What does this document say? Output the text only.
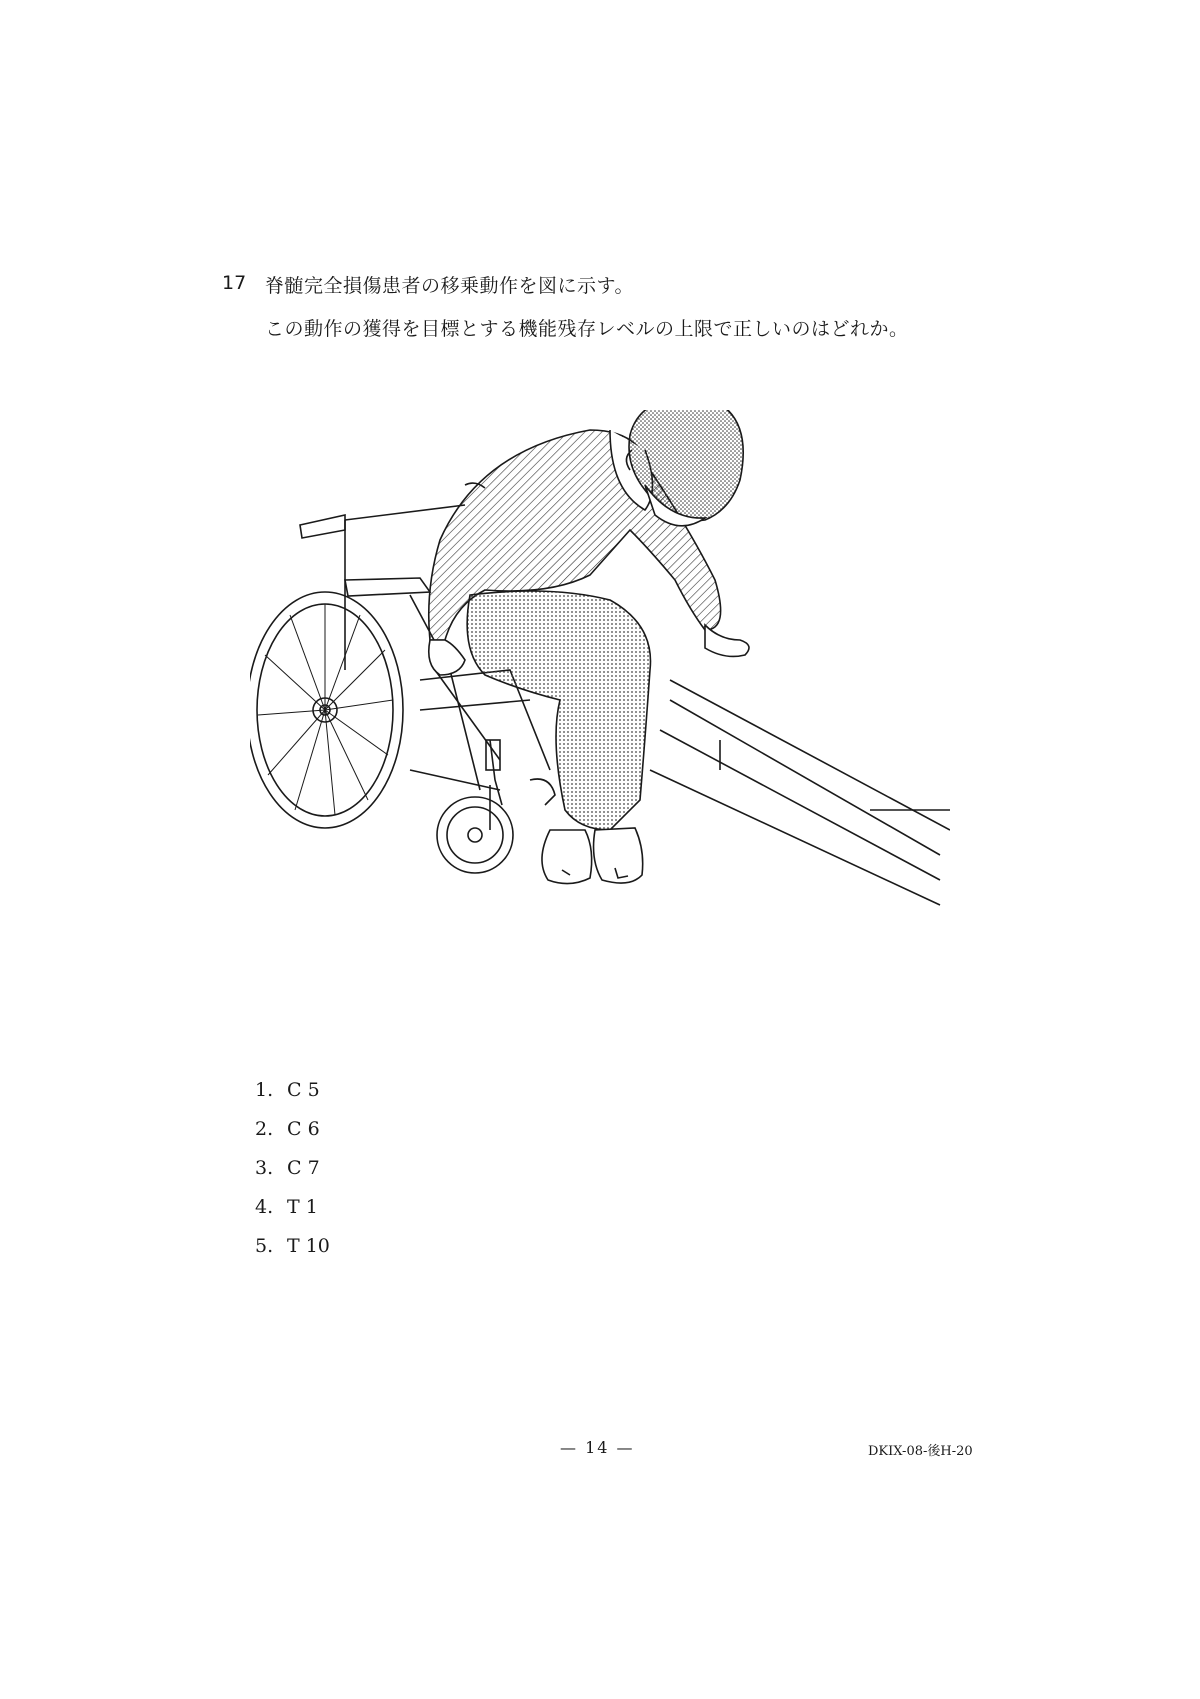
17 脊髄完全損傷患者の移乗動作を図に示す。
この動作の獲得を目標とする機能残存レベルの上限で正しいのはどれか。
1. C 5
2. C 6
3. C 7
4. T 1
5. T 10
— 14 —	DKIX-08-後H-20
